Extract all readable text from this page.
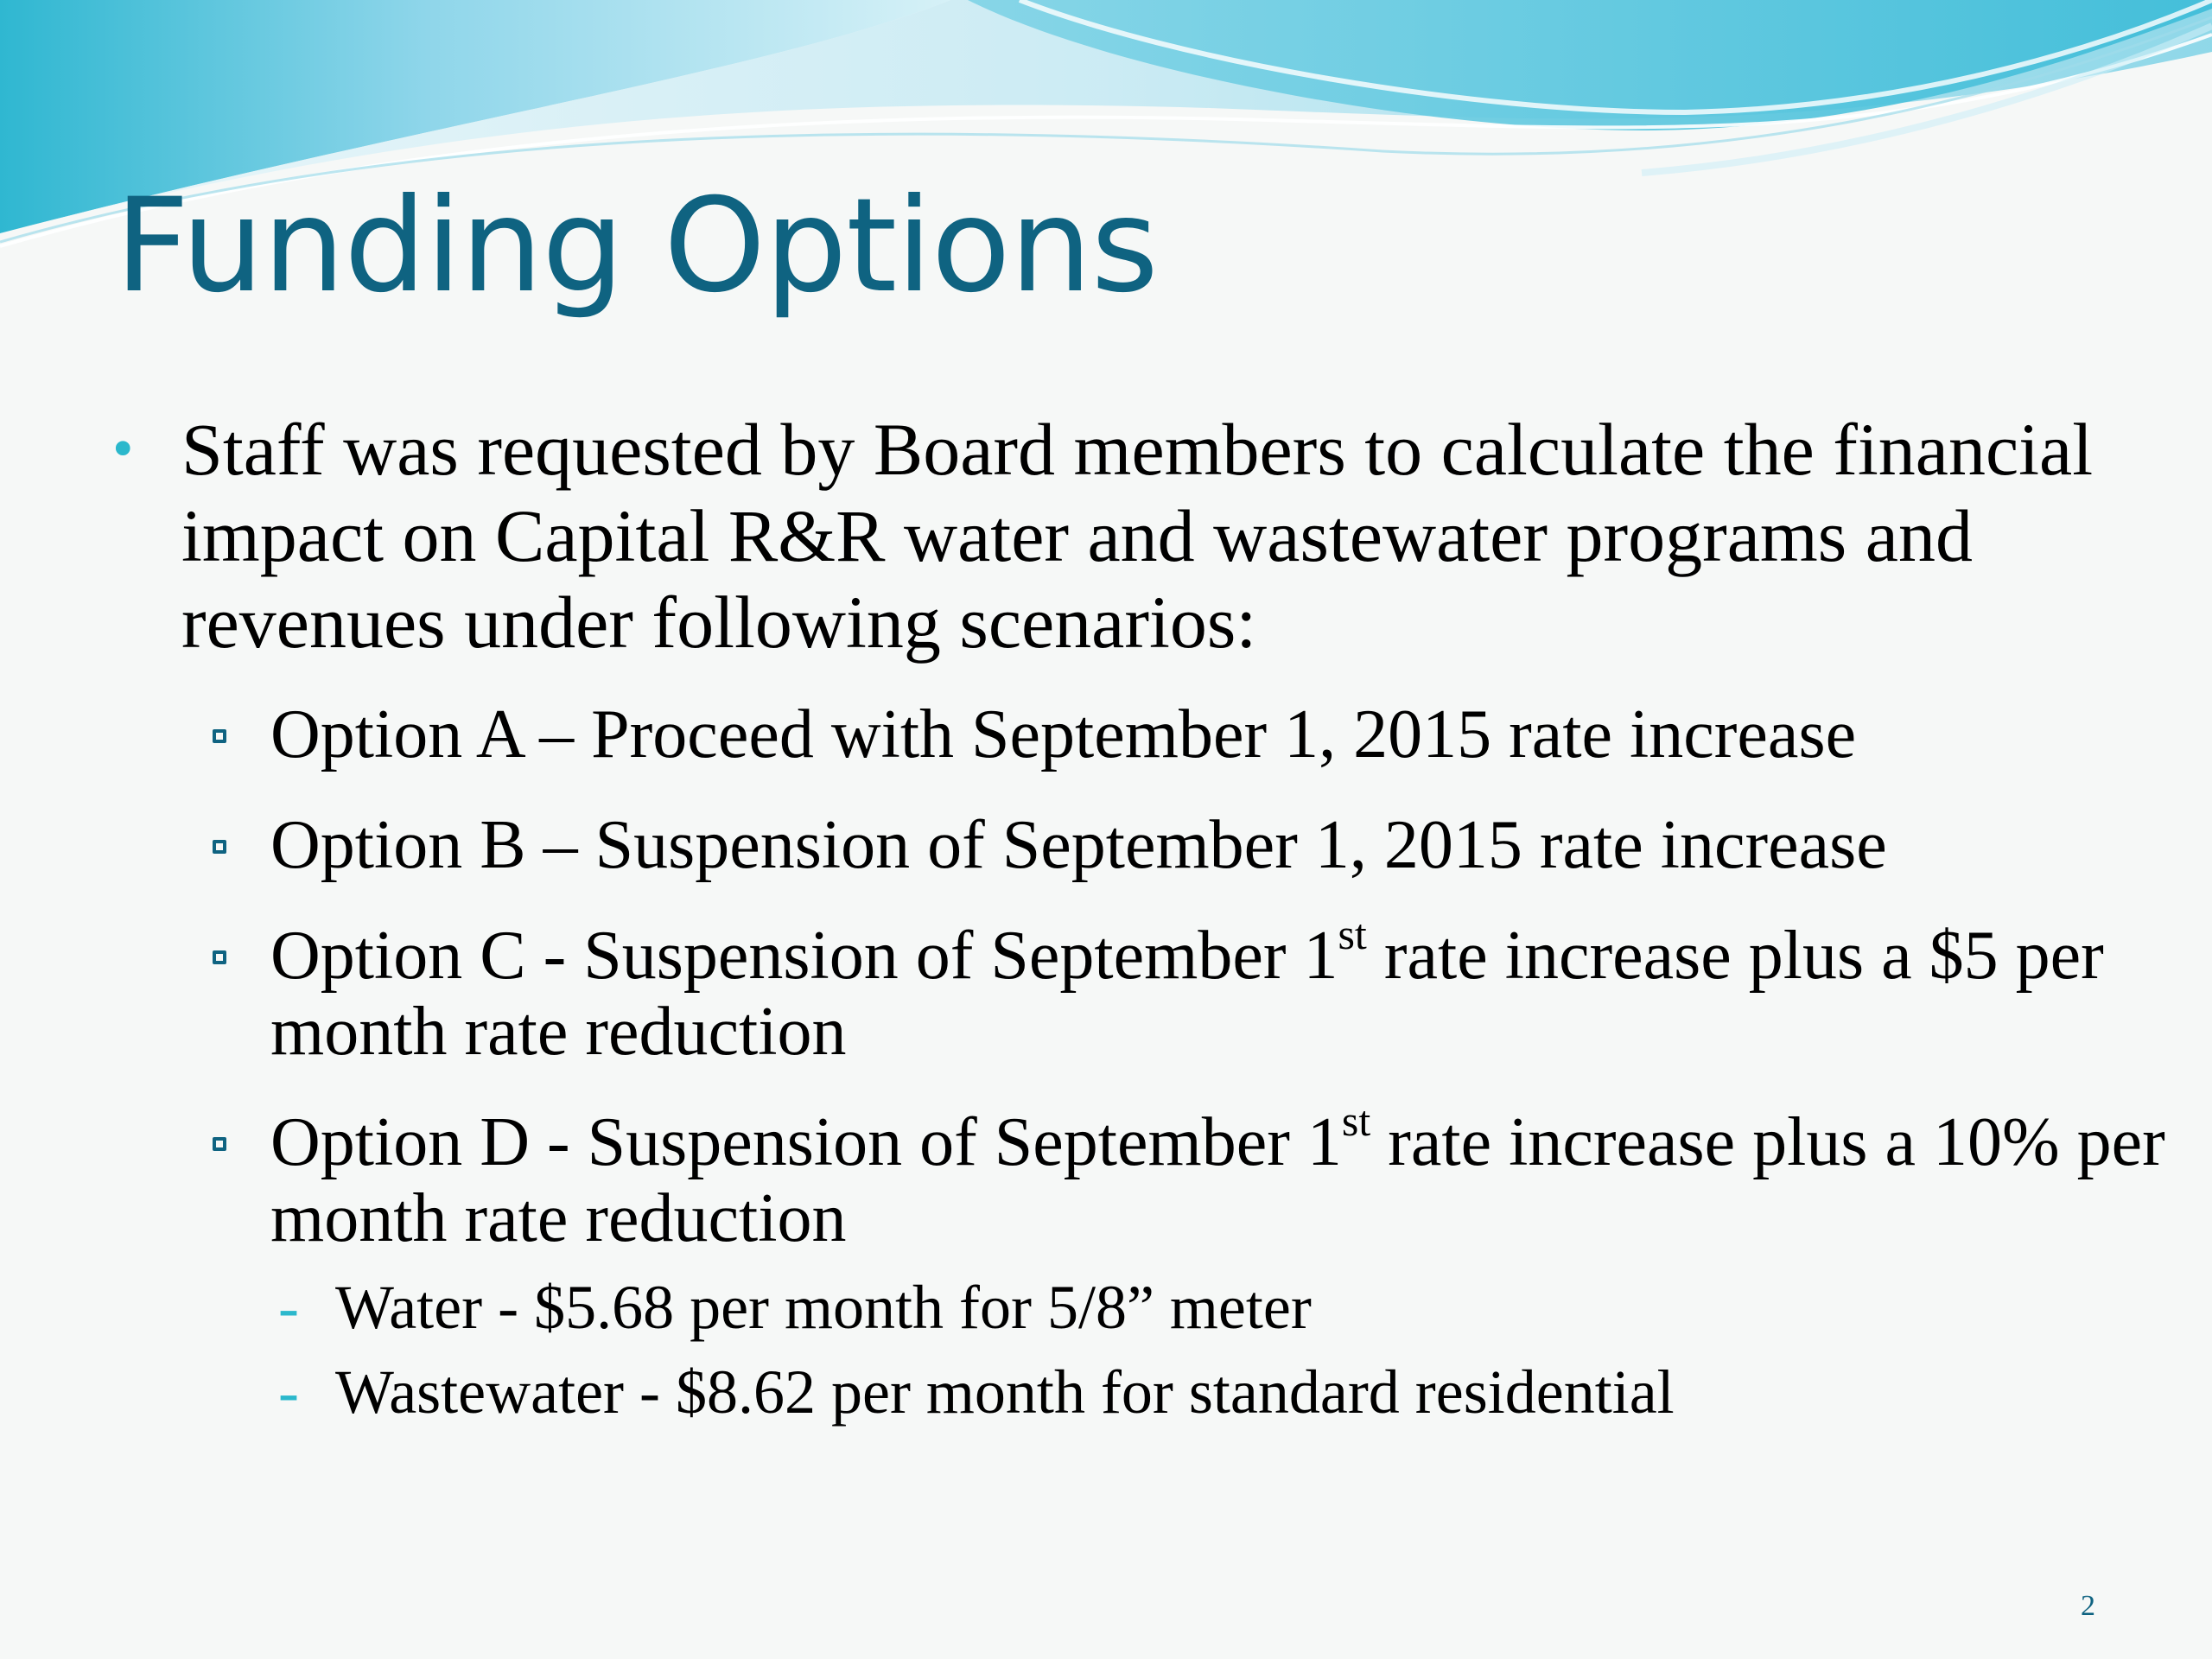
Funding Options
• Staff was requested by Board members to calculate the financial impact on Capital R&R water and wastewater programs and revenues under following scenarios:
Option A – Proceed with September 1, 2015 rate increase
Option B – Suspension of September 1, 2015 rate increase
Option C - Suspension of September 1st rate increase plus a $5 per month rate reduction
Option D - Suspension of September 1st rate increase plus a 10% per month rate reduction
- Water - $5.68 per month for 5/8” meter
- Wastewater - $8.62 per month for standard residential
2
